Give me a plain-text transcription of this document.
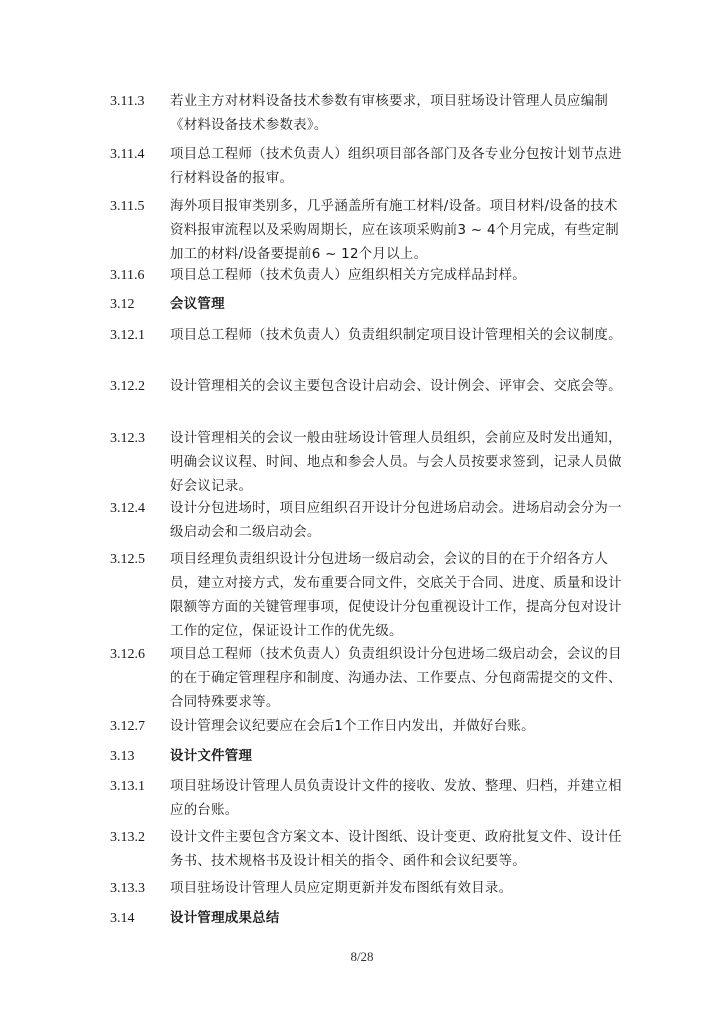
3.11.3	若业主方对材料设备技术参数有审核要求，项目驻场设计管理人员应编制《材料设备技术参数表》。
3.11.4	项目总工程师（技术负责人）组织项目部各部门及各专业分包按计划节点进行材料设备的报审。
3.11.5	海外项目报审类别多，几乎涵盖所有施工材料/设备。项目材料/设备的技术资料报审流程以及采购周期长，应在该项采购前3 ~ 4个月完成，有些定制加工的材料/设备要提前6 ~ 12个月以上。
3.11.6	项目总工程师（技术负责人）应组织相关方完成样品封样。
3.12	会议管理
3.12.1	项目总工程师（技术负责人）负责组织制定项目设计管理相关的会议制度。
3.12.2	设计管理相关的会议主要包含设计启动会、设计例会、评审会、交底会等。
3.12.3	设计管理相关的会议一般由驻场设计管理人员组织，会前应及时发出通知，明确会议议程、时间、地点和参会人员。与会人员按要求签到，记录人员做好会议记录。
3.12.4	设计分包进场时，项目应组织召开设计分包进场启动会。进场启动会分为一级启动会和二级启动会。
3.12.5	项目经理负责组织设计分包进场一级启动会，会议的目的在于介绍各方人员，建立对接方式，发布重要合同文件，交底关于合同、进度、质量和设计限额等方面的关键管理事项，促使设计分包重视设计工作，提高分包对设计工作的定位，保证设计工作的优先级。
3.12.6	项目总工程师（技术负责人）负责组织设计分包进场二级启动会，会议的目的在于确定管理程序和制度、沟通办法、工作要点、分包商需提交的文件、合同特殊要求等。
3.12.7	设计管理会议纪要应在会后1个工作日内发出，并做好台账。
3.13	设计文件管理
3.13.1	项目驻场设计管理人员负责设计文件的接收、发放、整理、归档，并建立相应的台账。
3.13.2	设计文件主要包含方案文本、设计图纸、设计变更、政府批复文件、设计任务书、技术规格书及设计相关的指令、函件和会议纪要等。
3.13.3	项目驻场设计管理人员应定期更新并发布图纸有效目录。
3.14	设计管理成果总结
8/28
